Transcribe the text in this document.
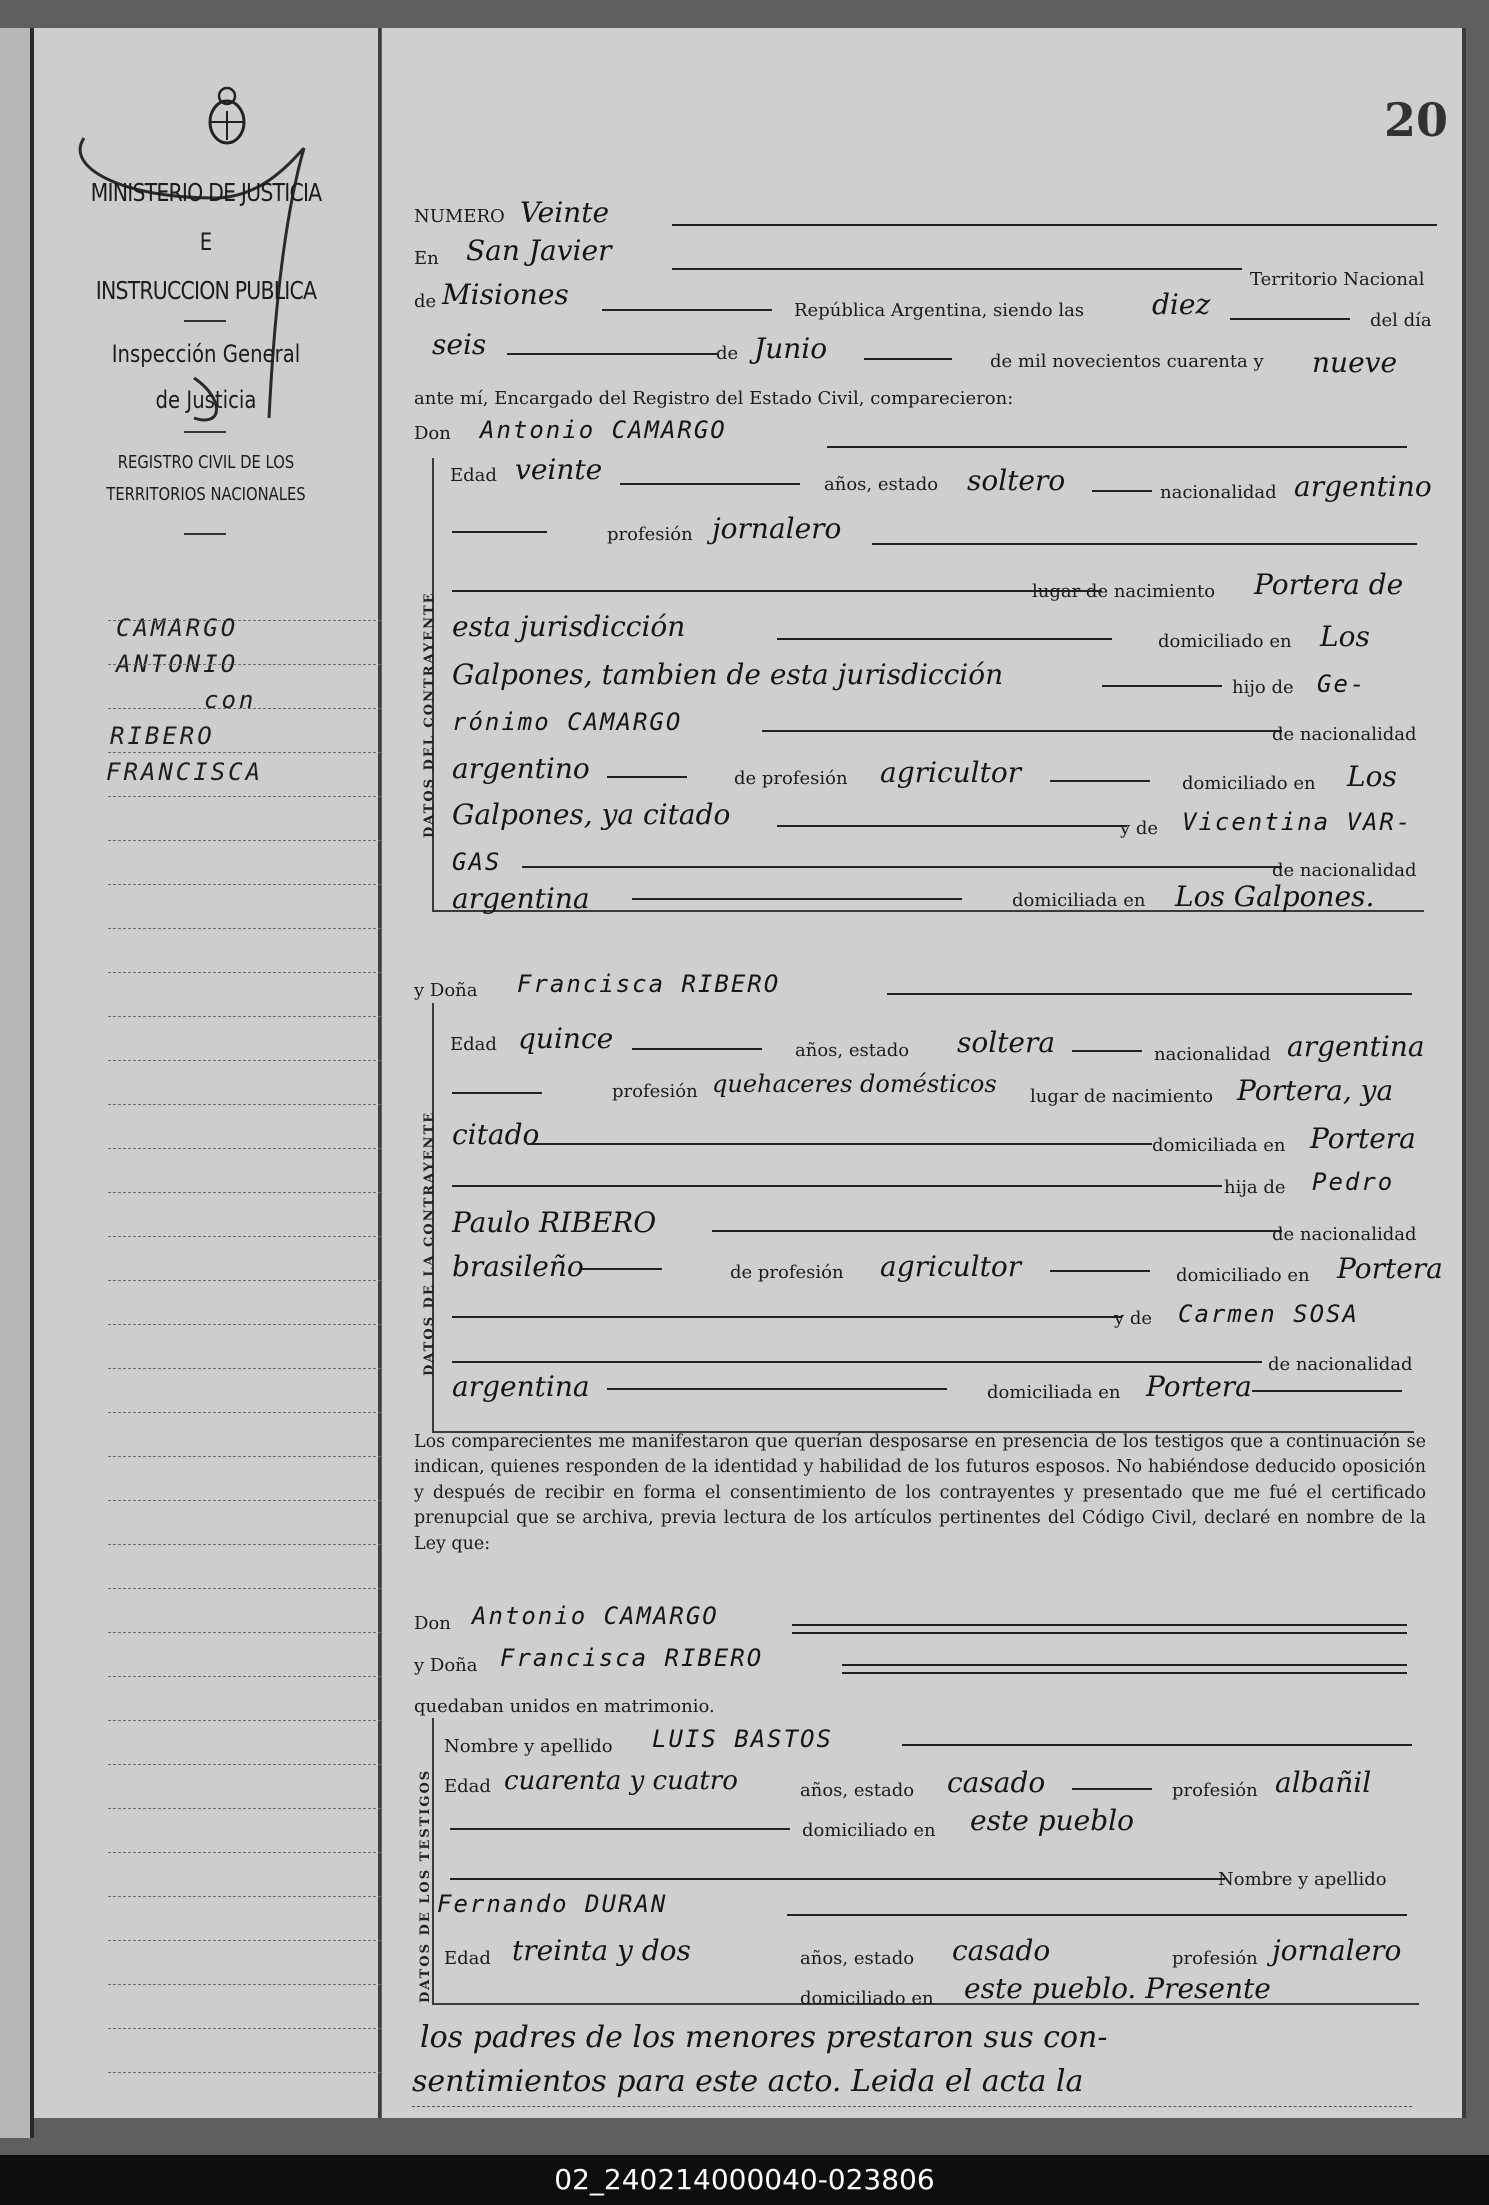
MINISTERIO DE JUSTICIA
E
INSTRUCCION PUBLICA
Inspección General
de Justicia
REGISTRO CIVIL DE LOS
TERRITORIOS NACIONALES
CAMARGO
ANTONIO
con
RIBERO
FRANCISCA
20
NUMERO Veinte
En San Javier
Territorio Nacional
de Misiones	República Argentina, siendo las diez	del día
seis	de Junio	de mil novecientos cuarenta y nueve
ante mí, Encargado del Registro del Estado Civil, comparecieron:
Don Antonio CAMARGO
DATOS DEL CONTRAYENTE
Edad veinte	años, estado soltero	nacionalidad argentino
profesión jornalero
lugar de nacimiento Portera de
esta jurisdicción	domiciliado en Los
Galpones, tambien de esta jurisdicción	hijo de Ge-
rónimo CAMARGO	de nacionalidad
argentino	de profesión agricultor	domiciliado en Los
Galpones, ya citado	y de Vicentina VAR-
GAS	de nacionalidad
argentina	domiciliada en Los Galpones.
y Doña Francisca RIBERO
DATOS DE LA CONTRAYENTE
Edad quince	años, estado soltera	nacionalidad argentina
profesión quehaceres domésticos lugar de nacimiento Portera, ya
citado	domiciliada en Portera
hija de Pedro
Paulo RIBERO	de nacionalidad
brasileño	de profesión agricultor	domiciliado en Portera
y de Carmen SOSA
de nacionalidad
argentina	domiciliada en Portera
Los comparecientes me manifestaron que querían desposarse en presencia de los testigos que a continuación se indican, quienes responden de la identidad y habilidad de los futuros esposos. No habiéndose deducido oposición y después de recibir en forma el consentimiento de los contrayentes y presentado que me fué el certificado prenupcial que se archiva, previa lectura de los artículos pertinentes del Código Civil, declaré en nombre de la Ley que:
Don Antonio CAMARGO
y Doña Francisca RIBERO
quedaban unidos en matrimonio.
DATOS DE LOS TESTIGOS
Nombre y apellido LUIS BASTOS
Edad cuarenta y cuatro	años, estado casado	profesión albañil
domiciliado en este pueblo
Nombre y apellido
Fernando DURAN
Edad treinta y dos	años, estado casado	profesión jornalero
domiciliado en este pueblo. Presente
los padres de los menores prestaron sus con-
sentimientos para este acto. Leida el acta la
02_240214000040-023806
